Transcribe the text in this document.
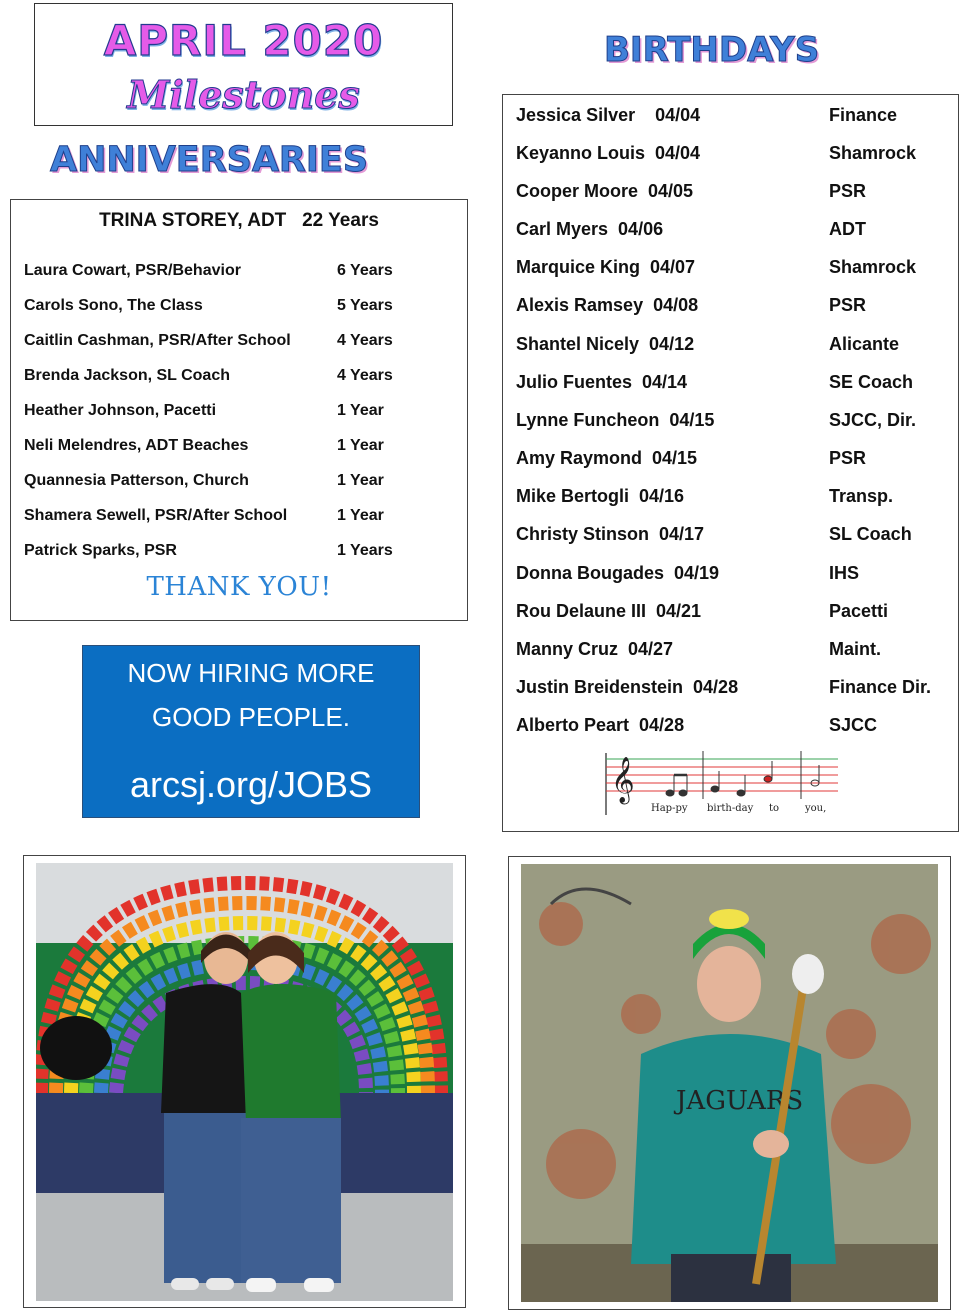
APRIL 2020
Milestones
ANNIVERSARIES
TRINA STOREY, ADT   22 Years
Laura Cowart, PSR/Behavior	6 Years
Carols Sono, The Class	5 Years
Caitlin Cashman, PSR/After School	4 Years
Brenda Jackson, SL Coach	4 Years
Heather Johnson, Pacetti	1 Year
Neli Melendres, ADT Beaches	1 Year
Quannesia Patterson, Church	1 Year
Shamera Sewell, PSR/After School	1 Year
Patrick Sparks, PSR	1 Years
THANK YOU!
NOW HIRING MORE
GOOD PEOPLE.
arcsj.org/JOBS
BIRTHDAYS
Jessica Silver    04/04	Finance
Keyanno Louis  04/04	Shamrock
Cooper Moore  04/05	PSR
Carl Myers  04/06	ADT
Marquice King  04/07	Shamrock
Alexis Ramsey  04/08	PSR
Shantel Nicely  04/12	Alicante
Julio Fuentes  04/14	SE Coach
Lynne Funcheon  04/15	SJCC, Dir.
Amy Raymond  04/15	PSR
Mike Bertogli  04/16	Transp.
Christy Stinson  04/17	SL Coach
Donna Bougades  04/19	IHS
Rou Delaune III  04/21	Pacetti
Manny Cruz  04/27	Maint.
Justin Breidenstein  04/28	Finance Dir.
Alberto Peart  04/28	SJCC
𝄞
Hap-py birth-day to	you,
JAGUARS
